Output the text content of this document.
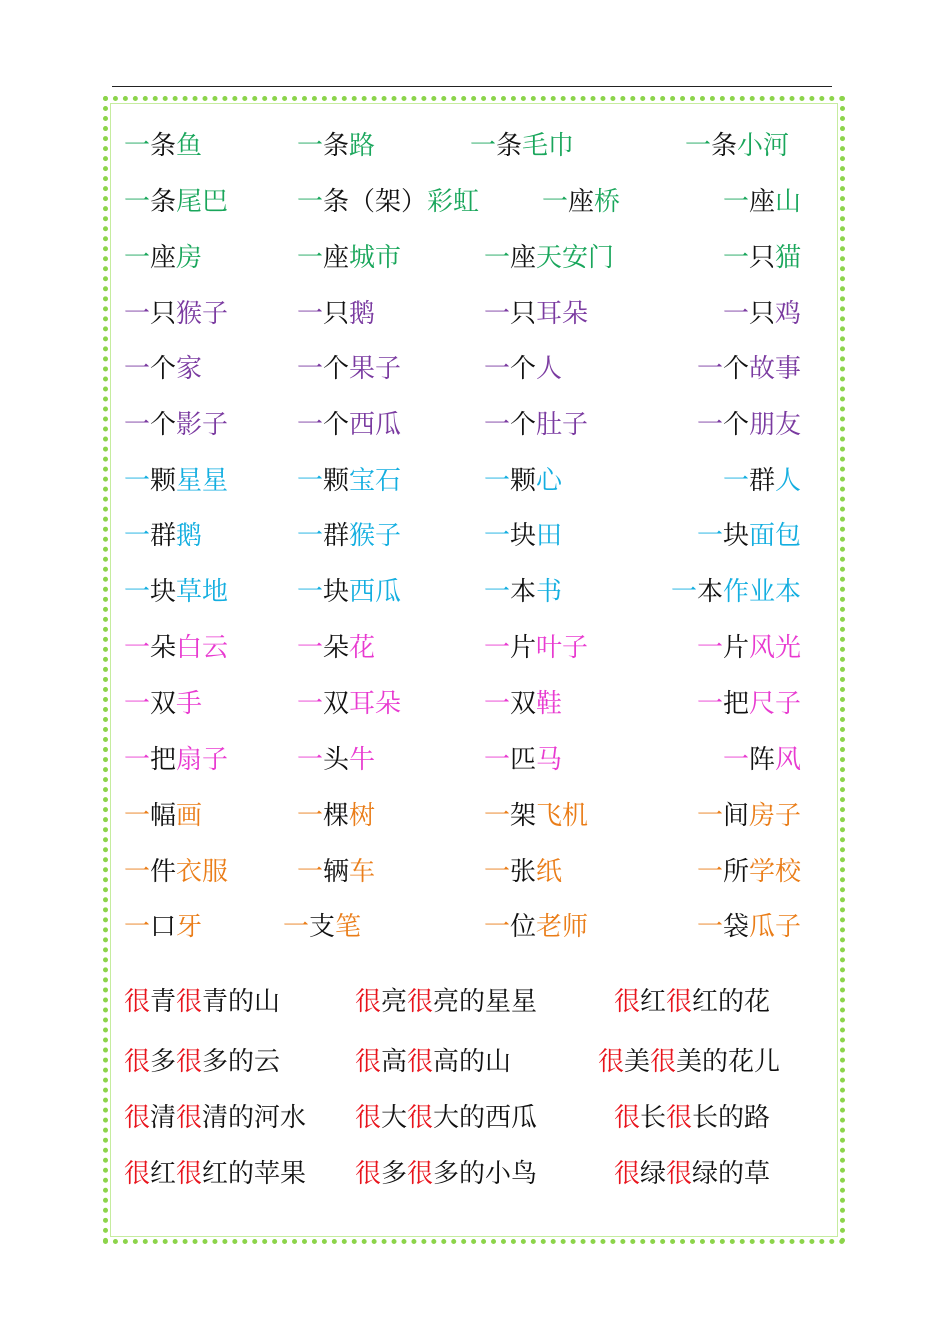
一条鱼	一条路	一条毛巾	一条小河
一条尾巴	一条（架）彩虹 一座桥	一座山
一座房	一座城市	一座天安门	一只猫
一只猴子	一只鹅	一只耳朵	一只鸡
一个家	一个果子	一个人	一个故事
一个影子	一个西瓜	一个肚子	一个朋友
一颗星星	一颗宝石	一颗心	一群人
一群鹅	一群猴子	一块田	一块面包
一块草地	一块西瓜	一本书	一本作业本
一朵白云	一朵花	一片叶子	一片风光
一双手	一双耳朵	一双鞋	一把尺子
一把扇子	一头牛	一匹马	一阵风
一幅画	一棵树	一架飞机	一间房子
一件衣服	一辆车	一张纸	一所学校
一口牙	一支笔	一位老师	一袋瓜子
很青很青的山	很亮很亮的星星	很红很红的花
很多很多的云	很高很高的山	很美很美的花儿
很清很清的河水 很大很大的西瓜	很长很长的路
很红很红的苹果 很多很多的小鸟	很绿很绿的草
